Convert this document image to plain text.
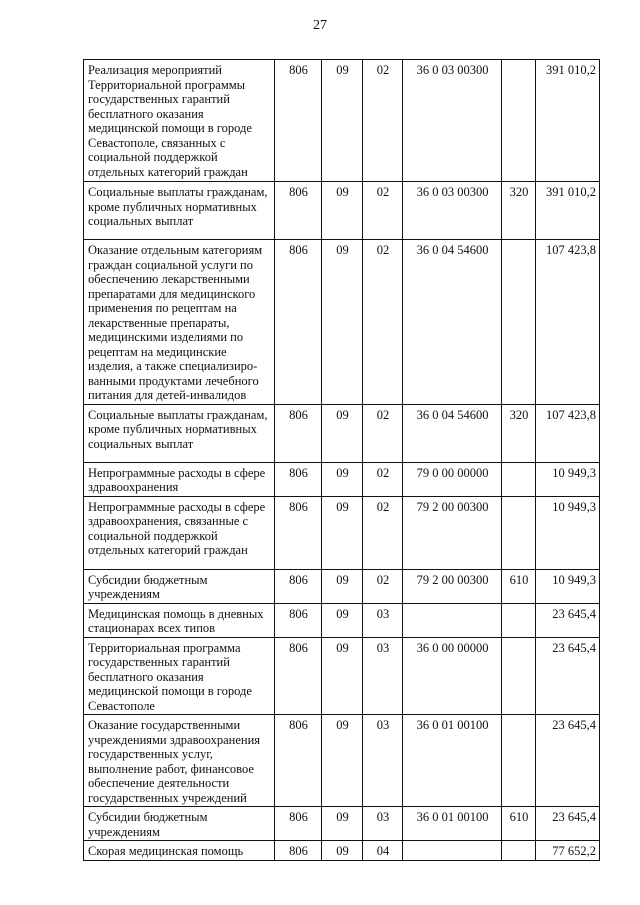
27
Реализация мероприятий Территориальной программы государственных гарантий бесплатного оказания медицинской помощи в городе Севастополе, связанных с социальной поддержкой отдельных категорий граждан	806	09	02	36 0 03 00300		391 010,2
Социальные выплаты гражданам, кроме публичных нормативных социальных выплат	806	09	02	36 0 03 00300	320	391 010,2
Оказание отдельным категориям граждан социальной услуги по обеспечению лекарственными препаратами для медицинского применения по рецептам на лекарственные препараты, медицинскими изделиями по рецептам на медицинские изделия, а также специализиро-ванными продуктами лечебного питания для детей-инвалидов	806	09	02	36 0 04 54600		107 423,8
Социальные выплаты гражданам, кроме публичных нормативных социальных выплат	806	09	02	36 0 04 54600	320	107 423,8
Непрограммные расходы в сфере здравоохранения	806	09	02	79 0 00 00000		10 949,3
Непрограммные расходы в сфере здравоохранения, связанные с социальной поддержкой отдельных категорий граждан	806	09	02	79 2 00 00300		10 949,3
Субсидии бюджетным учреждениям	806	09	02	79 2 00 00300	610	10 949,3
Медицинская помощь в дневных стационарах всех типов	806	09	03			23 645,4
Территориальная программа государственных гарантий бесплатного оказания медицинской помощи в городе Севастополе	806	09	03	36 0 00 00000		23 645,4
Оказание государственными учреждениями здравоохранения государственных услуг, выполнение работ, финансовое обеспечение деятельности государственных учреждений	806	09	03	36 0 01 00100		23 645,4
Субсидии бюджетным учреждениям	806	09	03	36 0 01 00100	610	23 645,4
Скорая медицинская помощь	806	09	04			77 652,2
